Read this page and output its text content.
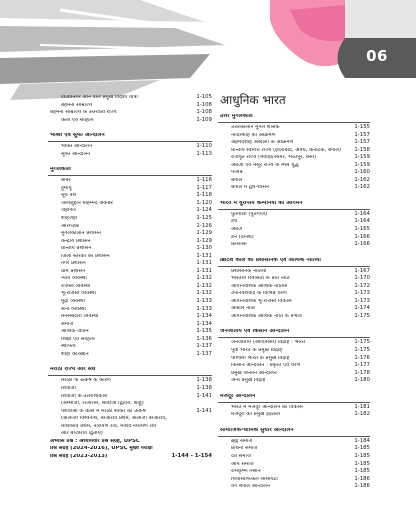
06
विजयनगर आने वाले प्रमुख विदेशी यात्री	1-105
बहमनी साम्राज्य	1-108
बहमनी साम्राज्य के उत्तरवर्ती राज्य	1-108
कला एवं साहित्य	1-109
भक्ति एवं सूफी आन्दोलन
भक्ति आन्दोलन	1-110
सूफी आन्दोलन	1-113
मुगलकाल
बाबर	1-116
हुमायूँ	1-117
सूर्य वंश	1-118
जलालुद्दीन मोहम्मद अकबर	1-120
जहाँगीर	1-124
शाहजहाँ	1-125
औरंगज़ेब	1-126
मुगलकालीन प्रशासन	1-129
केन्द्रीय प्रशासन	1-129
प्रान्तीय प्रशासन	1-130
जिला स्तरका का प्रशासन	1-131
नगर प्रशासन	1-131
ग्राम प्रशासन	1-131
न्याय व्यवस्था	1-132
राजस्व व्यवस्था	1-132
भू-राजस्व व्यवस्था	1-132
मुद्रा व्यवस्था	1-133
सैन्य व्यवस्था	1-133
मनसबदारी व्यवस्था	1-134
समाज	1-134
आर्थिक जीवन	1-135
शिक्षा एवं साहित्य	1-136
स्थापत्य	1-137
शाही कारखाने	1-137
मराठा राज्य और संघ
मराठों के उत्कर्ष के कारण	1-138
शिवाजी	1-138
शिवाजी के उत्तराधिकारी	1-141
(सम्भाजी, राजाराम, शिवाजी द्वितीय, शाहू)
पेशवाओं के काल में मराठा शक्ति का उत्कर्ष	1-141
(बालाजी विश्वनाथ, बाजीराव प्रथम, बालाजी बाजीराव,
माधवराव प्रथम, नारायण राव, माधव नारायण राव
और बाजीराव द्वितीय)
अभ्यास प्रश्न : अध्यायवार प्रश्न संग्रह, UPSC
प्रश्न संग्रह (2024-2016), UPSC मुख्य परीक्षा
प्रश्न संग्रह (2023-2013)	1-144 - 1-154
आधुनिक भारत
उत्तर मुगलकाल
उत्तरकालीन मुगल शासक	1-155
नादिरशाह का आक्रमण	1-157
अहमदशाह अब्दाली के आक्रमण	1-157
प्रान्तीय स्वायत्त राज्य (हैदराबाद, अवध, कर्नाटक, बंगाल) 1-158
राजपूत राज्य (मेवाड़ी/आमेर, भरतपुर, बैसा)	1-159
अंग्रेजों एवं मैसूर राज्य के मध्य युद्ध	1-159
पंजाब	1-160
बंगाल	1-162
बंगाल में द्वैध-शासन	1-162
भारत में यूरोपीय कम्पनियों का आगमन
पुर्तगाली (पुर्तगीज)	1-164
डच	1-164
अंग्रेज	1-165
डेन (डैनिश)	1-166
फ्रांसीसी	1-166
ब्रिटिश काल की प्रशासनिक एवं आर्थिक नीतियाँ
प्रशासनिक नीतियाँ	1-167
भारतीय रियासतों के प्रति नीति	1-170
औपनिवेशिक आर्थिक नीतियाँ	1-172
उपनिवेशवाद के विभिन्न चरण	1-173
औपनिवेशिक भू-राजस्व विकास	1-173
अकाल नीति	1-174
औपनिवेशिक आर्थिक नीति के प्रभाव	1-175
जनजातीय एवं किसान आन्दोलन
जनजातीय (आदिवासी) विद्रोह : भारत	1-175
पूर्वी भारत के प्रमुख विद्रोह	1-175
पश्चिमी भारत के प्रमुख विद्रोह	1-176
किसान आन्दोलन : प्रकृति एवं चरण	1-177
प्रमुख किसान आन्दोलन	1-178
अन्य प्रमुख विद्रोह	1-180
मजदूर आन्दोलन
भारत में मजदूर आन्दोलन का विकास	1-181
मजदूरों की प्रमुख हड़तालें	1-182
सामाजिक-धार्मिक सुधार आन्दोलन
ब्रह्म समाज	1-184
प्रार्थना समाज	1-185
देव समाज	1-185
आर्य समाज	1-185
रामकृष्ण मिशन	1-185
थियोसोफिकल सोसायटी	1-186
यंग बंगाल आन्दोलन	1-186
